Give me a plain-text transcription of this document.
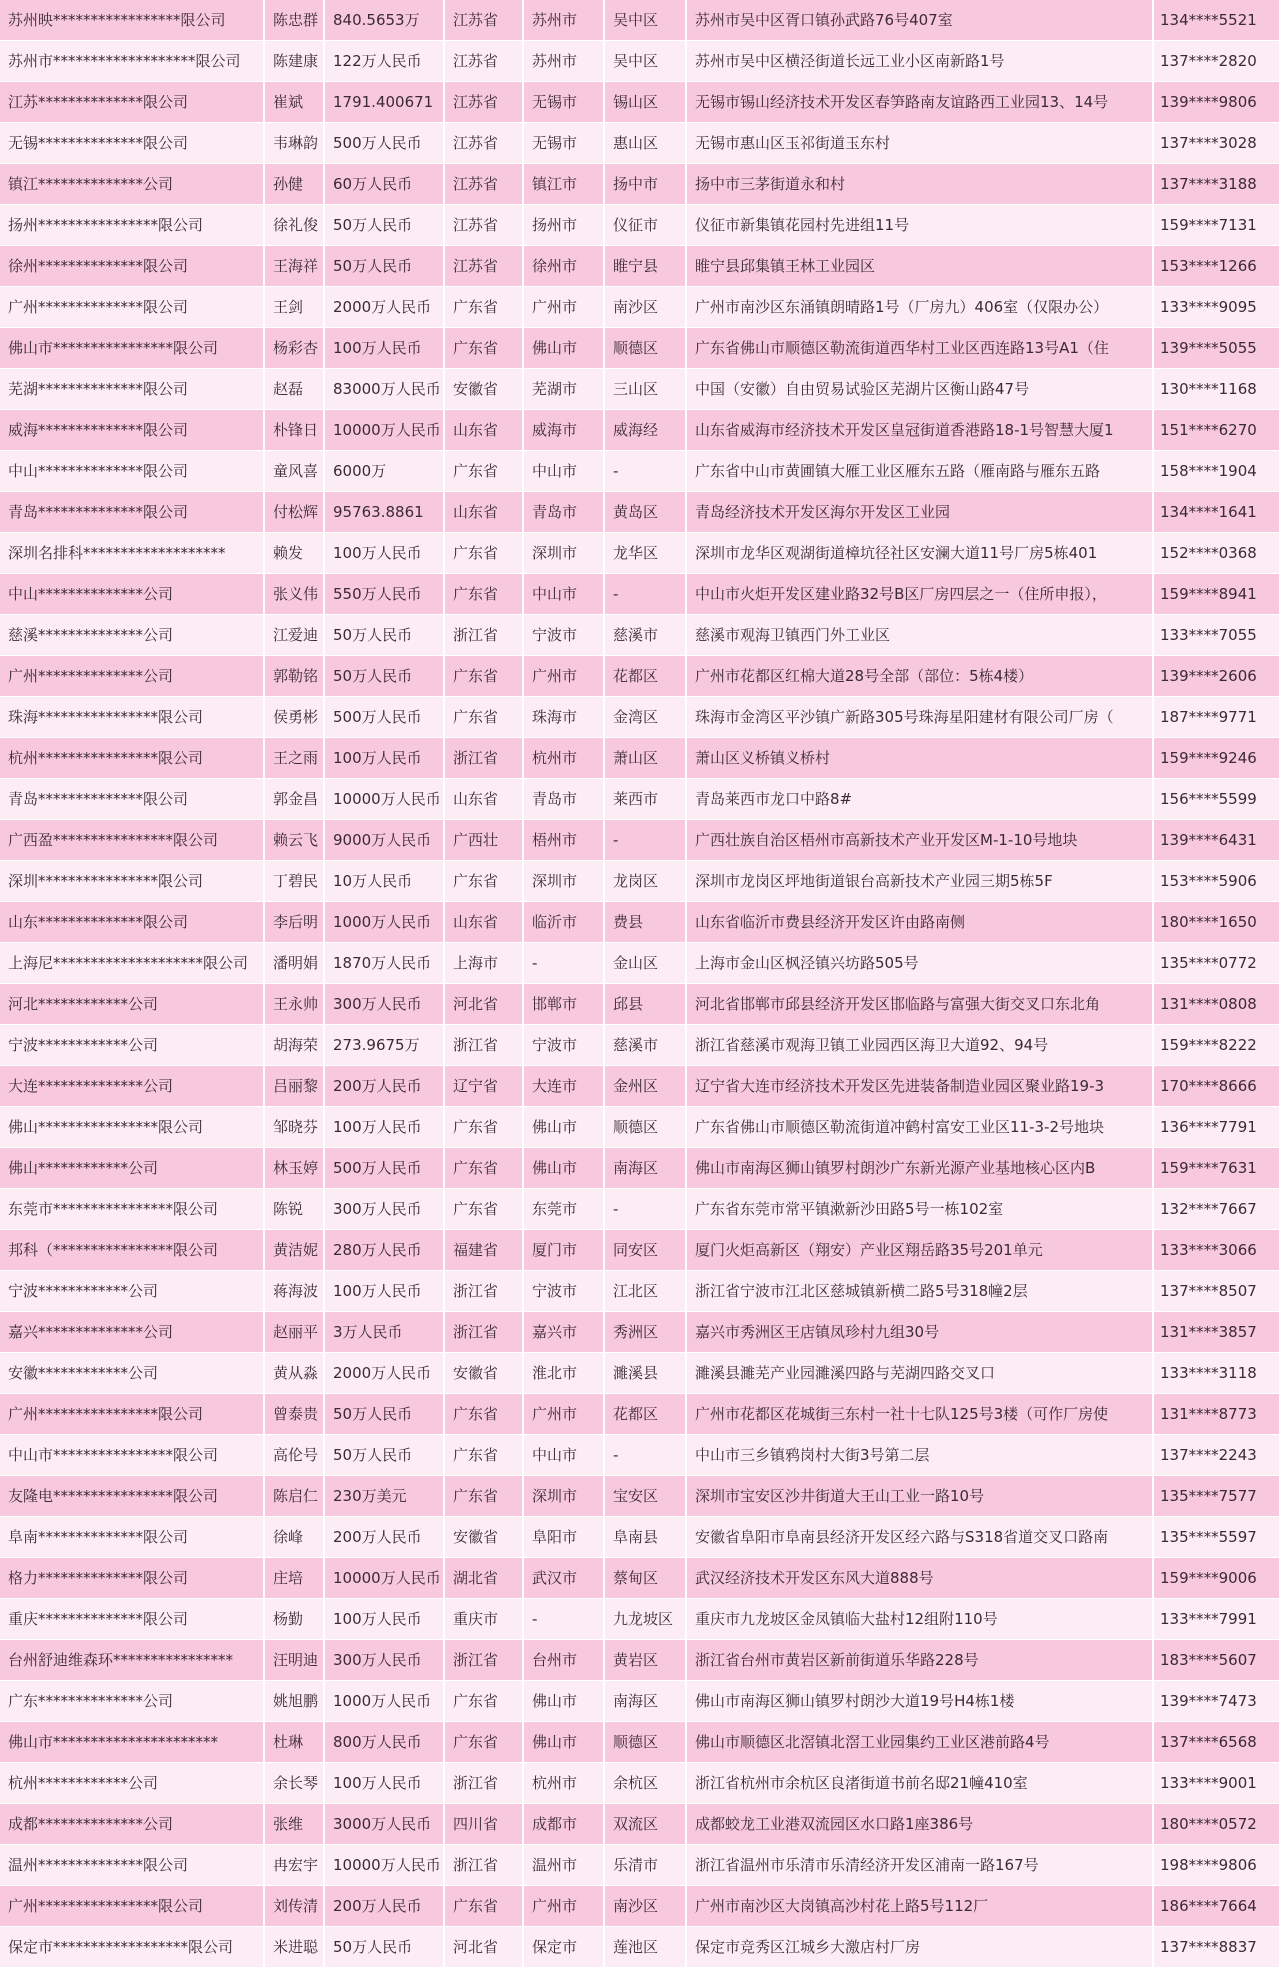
苏州映*****************限公司	陈忠群	840.5653万	江苏省	苏州市	吴中区	苏州市吴中区胥口镇孙武路76号407室	134****5521
苏州市*******************限公司	陈建康	122万人民币	江苏省	苏州市	吴中区	苏州市吴中区横泾街道长远工业小区南新路1号	137****2820
江苏**************限公司	崔斌	1791.400671	江苏省	无锡市	锡山区	无锡市锡山经济技术开发区春笋路南友谊路西工业园13、14号	139****9806
无锡**************限公司	韦琳韵	500万人民币	江苏省	无锡市	惠山区	无锡市惠山区玉祁街道玉东村	137****3028
镇江**************公司	孙健	60万人民币	江苏省	镇江市	扬中市	扬中市三茅街道永和村	137****3188
扬州****************限公司	徐礼俊	50万人民币	江苏省	扬州市	仪征市	仪征市新集镇花园村先进组11号	159****7131
徐州**************限公司	王海祥	50万人民币	江苏省	徐州市	睢宁县	睢宁县邱集镇王林工业园区	153****1266
广州**************限公司	王剑	2000万人民币	广东省	广州市	南沙区	广州市南沙区东涌镇朗晴路1号（厂房九）406室（仅限办公）	133****9095
佛山市****************限公司	杨彩杏	100万人民币	广东省	佛山市	顺德区	广东省佛山市顺德区勒流街道西华村工业区西连路13号A1（住	139****5055
芜湖**************限公司	赵磊	83000万人民币	安徽省	芜湖市	三山区	中国（安徽）自由贸易试验区芜湖片区衡山路47号	130****1168
威海**************限公司	朴锋日	10000万人民币	山东省	威海市	威海经	山东省威海市经济技术开发区皇冠街道香港路18-1号智慧大厦1	151****6270
中山**************限公司	童风喜	6000万	广东省	中山市	-	广东省中山市黄圃镇大雁工业区雁东五路（雁南路与雁东五路	158****1904
青岛**************限公司	付松辉	95763.8861	山东省	青岛市	黄岛区	青岛经济技术开发区海尔开发区工业园	134****1641
深圳名排科*******************	赖发	100万人民币	广东省	深圳市	龙华区	深圳市龙华区观湖街道樟坑径社区安澜大道11号厂房5栋401	152****0368
中山**************公司	张义伟	550万人民币	广东省	中山市	-	中山市火炬开发区建业路32号B区厂房四层之一（住所申报），	159****8941
慈溪**************公司	江爱迪	50万人民币	浙江省	宁波市	慈溪市	慈溪市观海卫镇西门外工业区	133****7055
广州**************公司	郭勒铭	50万人民币	广东省	广州市	花都区	广州市花都区红棉大道28号全部（部位：5栋4楼）	139****2606
珠海****************限公司	侯勇彬	500万人民币	广东省	珠海市	金湾区	珠海市金湾区平沙镇广新路305号珠海星阳建材有限公司厂房（	187****9771
杭州****************限公司	王之雨	100万人民币	浙江省	杭州市	萧山区	萧山区义桥镇义桥村	159****9246
青岛**************限公司	郭金昌	10000万人民币	山东省	青岛市	莱西市	青岛莱西市龙口中路8#	156****5599
广西盈****************限公司	赖云飞	9000万人民币	广西壮	梧州市	-	广西壮族自治区梧州市高新技术产业开发区M-1-10号地块	139****6431
深圳****************限公司	丁碧民	10万人民币	广东省	深圳市	龙岗区	深圳市龙岗区坪地街道银台高新技术产业园三期5栋5F	153****5906
山东**************限公司	李后明	1000万人民币	山东省	临沂市	费县	山东省临沂市费县经济开发区许由路南侧	180****1650
上海尼********************限公司	潘明娟	1870万人民币	上海市	-	金山区	上海市金山区枫泾镇兴坊路505号	135****0772
河北************公司	王永帅	300万人民币	河北省	邯郸市	邱县	河北省邯郸市邱县经济开发区邯临路与富强大街交叉口东北角	131****0808
宁波************公司	胡海荣	273.9675万	浙江省	宁波市	慈溪市	浙江省慈溪市观海卫镇工业园西区海卫大道92、94号	159****8222
大连**************公司	吕丽黎	200万人民币	辽宁省	大连市	金州区	辽宁省大连市经济技术开发区先进装备制造业园区聚业路19-3	170****8666
佛山****************限公司	邹晓芬	100万人民币	广东省	佛山市	顺德区	广东省佛山市顺德区勒流街道冲鹤村富安工业区11-3-2号地块	136****7791
佛山************公司	林玉婷	500万人民币	广东省	佛山市	南海区	佛山市南海区狮山镇罗村朗沙广东新光源产业基地核心区内B	159****7631
东莞市****************限公司	陈锐	300万人民币	广东省	东莞市	-	广东省东莞市常平镇漱新沙田路5号一栋102室	132****7667
邦科（****************限公司	黄洁妮	280万人民币	福建省	厦门市	同安区	厦门火炬高新区（翔安）产业区翔岳路35号201单元	133****3066
宁波************公司	蒋海波	100万人民币	浙江省	宁波市	江北区	浙江省宁波市江北区慈城镇新横二路5号318幢2层	137****8507
嘉兴**************公司	赵丽平	3万人民币	浙江省	嘉兴市	秀洲区	嘉兴市秀洲区王店镇凤珍村九组30号	131****3857
安徽************公司	黄从淼	2000万人民币	安徽省	淮北市	濉溪县	濉溪县濉芜产业园濉溪四路与芜湖四路交叉口	133****3118
广州****************限公司	曾泰贵	50万人民币	广东省	广州市	花都区	广州市花都区花城街三东村一社十七队125号3楼（可作厂房使	131****8773
中山市****************限公司	高伦号	50万人民币	广东省	中山市	-	中山市三乡镇鸦岗村大街3号第二层	137****2243
友隆电****************限公司	陈启仁	230万美元	广东省	深圳市	宝安区	深圳市宝安区沙井街道大王山工业一路10号	135****7577
阜南**************限公司	徐峰	200万人民币	安徽省	阜阳市	阜南县	安徽省阜阳市阜南县经济开发区经六路与S318省道交叉口路南	135****5597
格力**************限公司	庄培	10000万人民币	湖北省	武汉市	蔡甸区	武汉经济技术开发区东风大道888号	159****9006
重庆**************限公司	杨勤	100万人民币	重庆市	-	九龙坡区	重庆市九龙坡区金凤镇临大盐村12组附110号	133****7991
台州舒迪维森环****************	汪明迪	300万人民币	浙江省	台州市	黄岩区	浙江省台州市黄岩区新前街道乐华路228号	183****5607
广东**************公司	姚旭鹏	1000万人民币	广东省	佛山市	南海区	佛山市南海区狮山镇罗村朗沙大道19号H4栋1楼	139****7473
佛山市**********************	杜琳	800万人民币	广东省	佛山市	顺德区	佛山市顺德区北滘镇北滘工业园集约工业区港前路4号	137****6568
杭州************公司	余长琴	100万人民币	浙江省	杭州市	余杭区	浙江省杭州市余杭区良渚街道书前名邸21幢410室	133****9001
成都**************公司	张维	3000万人民币	四川省	成都市	双流区	成都蛟龙工业港双流园区水口路1座386号	180****0572
温州**************限公司	冉宏宇	10000万人民币	浙江省	温州市	乐清市	浙江省温州市乐清市乐清经济开发区浦南一路167号	198****9806
广州****************限公司	刘传清	200万人民币	广东省	广州市	南沙区	广州市南沙区大岗镇高沙村花上路5号112厂	186****7664
保定市******************限公司	米进聪	50万人民币	河北省	保定市	莲池区	保定市竞秀区江城乡大激店村厂房	137****8837
